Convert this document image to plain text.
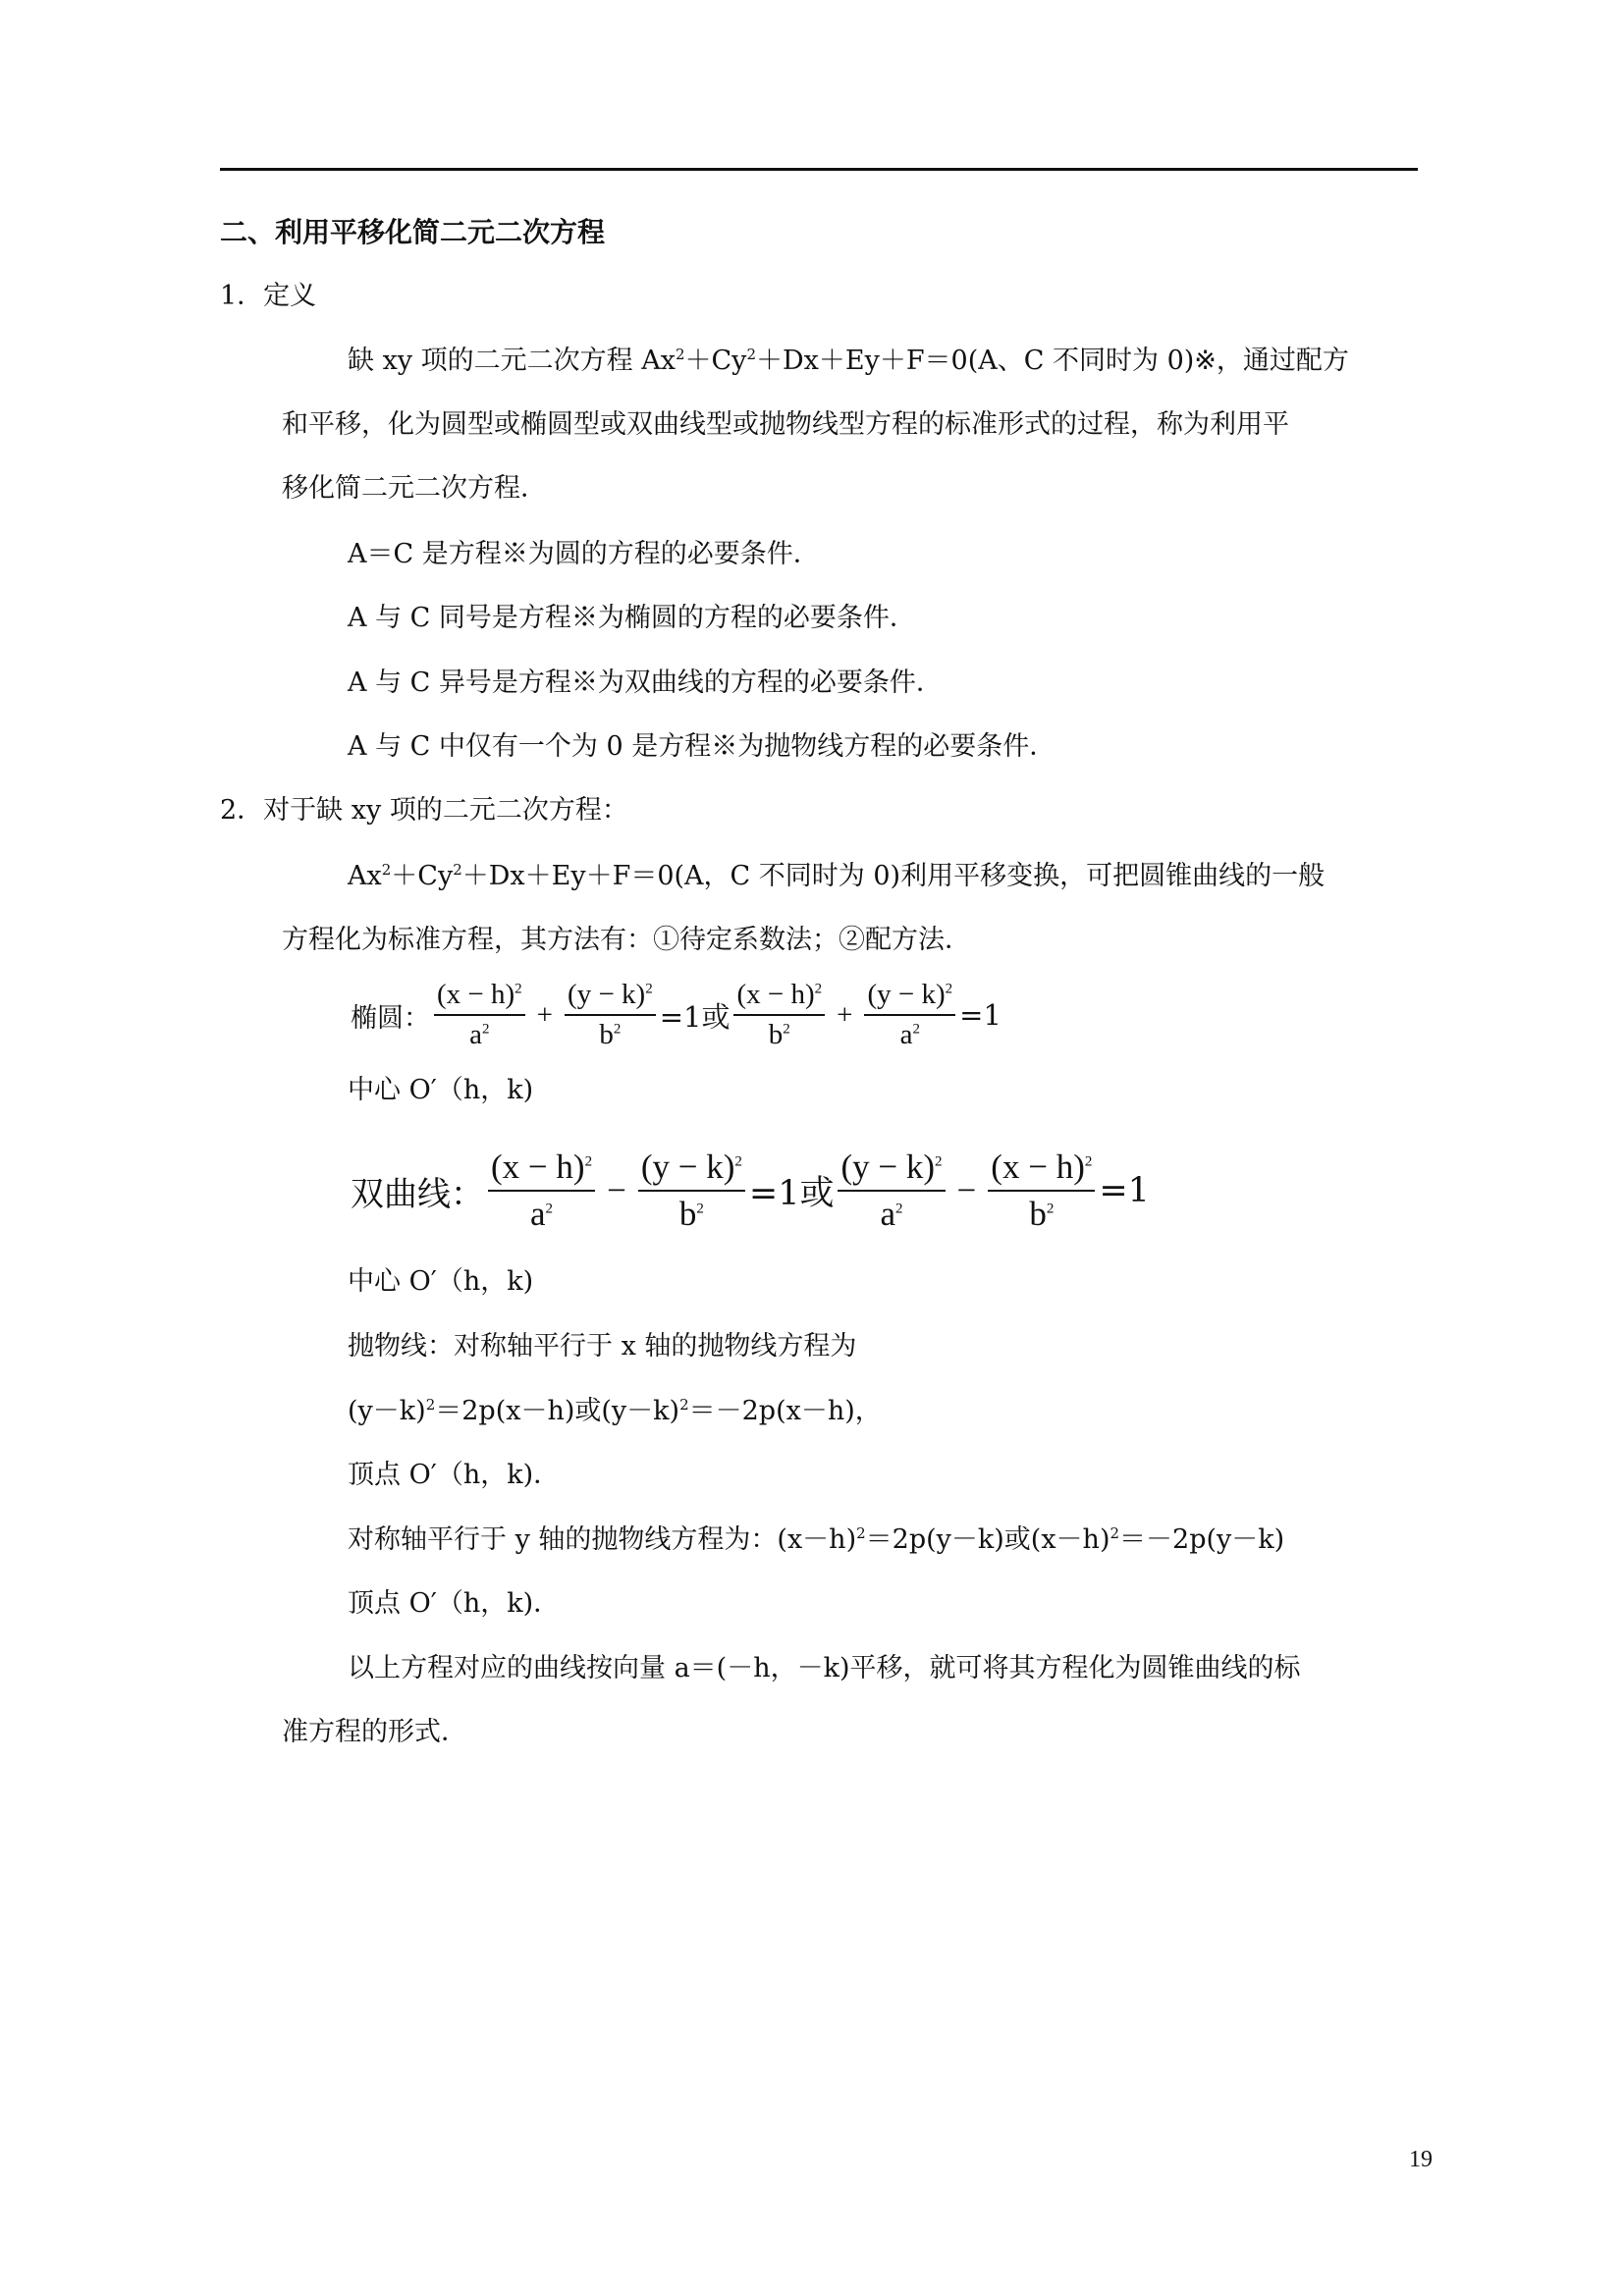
二、利用平移化简二元二次方程
1．定义
缺 xy 项的二元二次方程 $Ax^2+Cy^2+Dx+Ey+F=0(A$、C 不同时为 0)※，通过配方
和平移，化为圆型或椭圆型或双曲线型或抛物线型方程的标准形式的过程，称为利用平
移化简二元二次方程．
A＝C 是方程※为圆的方程的必要条件．
A 与 C 同号是方程※为椭圆的方程的必要条件．
A 与 C 异号是方程※为双曲线的方程的必要条件．
A 与 C 中仅有一个为 0 是方程※为抛物线方程的必要条件．
2．对于缺 xy 项的二元二次方程：
$Ax^2+Cy^2+Dx+Ey+F=0(A$，C 不同时为 0)利用平移变换，可把圆锥曲线的一般
方程化为标准方程，其方法有：①待定系数法；②配方法．
椭圆： $\frac{(x - h)^2}{a^2} + \frac{(y - k)^2}{b^2} =1$或 $\frac{(x - h)^2}{b^2} + \frac{(y - k)^2}{a^2} =1$
中心 O′（h，k)
双曲线： $\frac{(x - h)^2}{a^2} - \frac{(y - k)^2}{b^2} =1$或 $\frac{(y - k)^2}{a^2} - \frac{(x - h)^2}{b^2} =1$
中心 O′（h，k)
抛物线：对称轴平行于 x 轴的抛物线方程为
$(y-k)^2=2p(x-h)$或$(y-k)^2=-2p(x-h)$，
顶点 O′（h，k)．
对称轴平行于 y 轴的抛物线方程为：$(x-h)^2=2p(y-k)$或$(x-h)^2=-2p(y-k)$
顶点 O′（h，k)．
以上方程对应的曲线按向量 a＝(－h，－k)平移，就可将其方程化为圆锥曲线的标
准方程的形式．
19
